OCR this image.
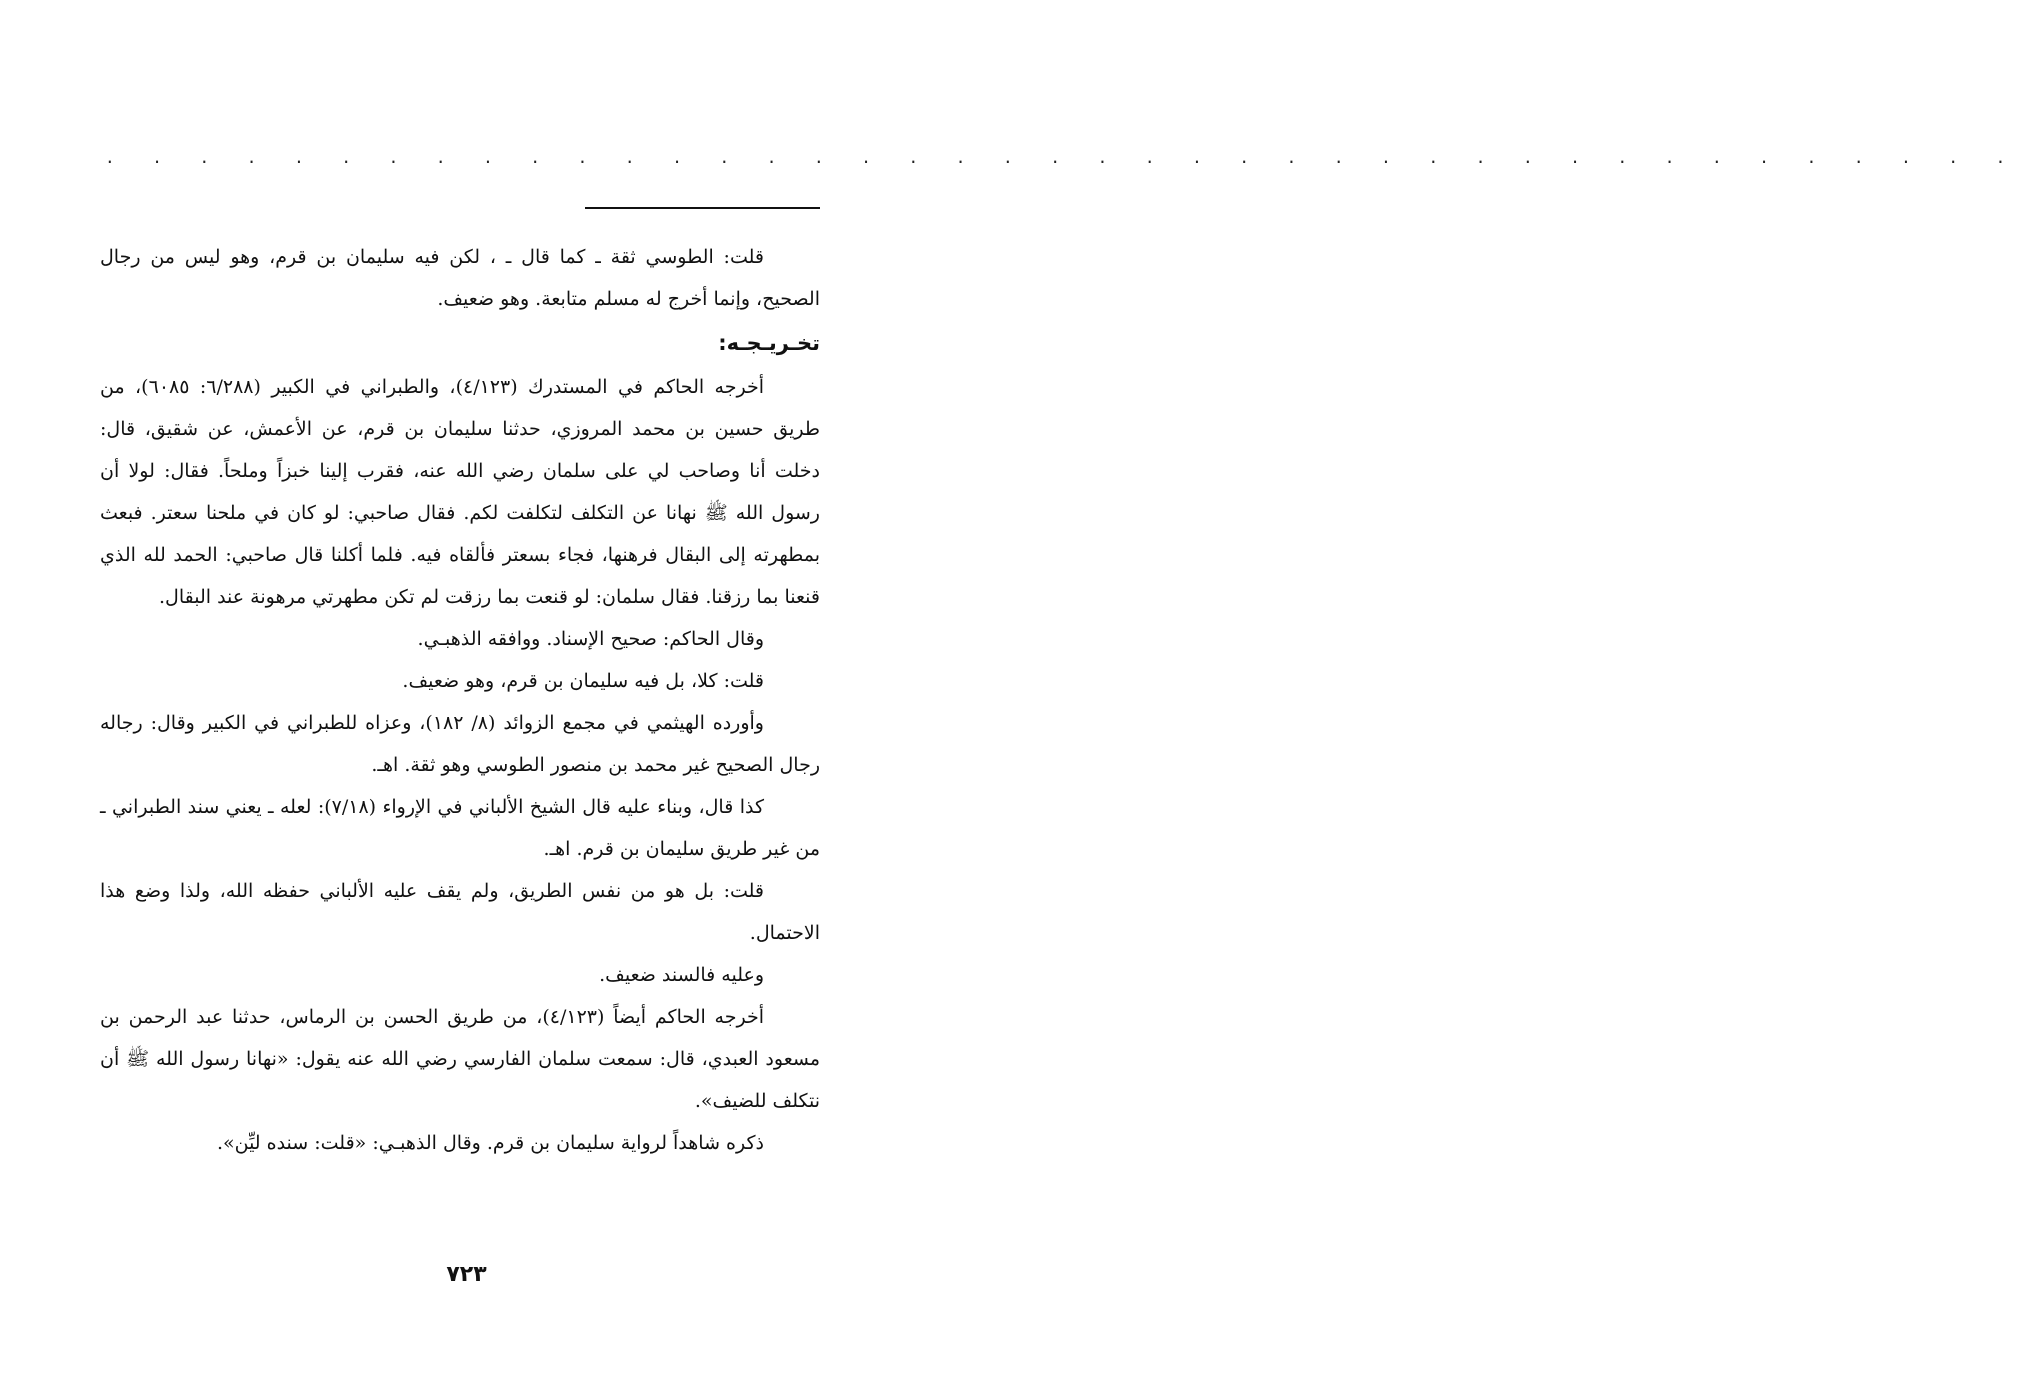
. . . . . . . . . . . . . . . . . . . . . . . . . . . . . . . . . . . . . . . . .

قلت: الطوسي ثقة ـ كما قال ـ ، لكن فيه سليمان بن قرم، وهو ليس من رجال الصحيح، وإنما أخرج له مسلم متابعة. وهو ضعيف.

تخـريـجـه:

أخرجه الحاكم في المستدرك (٤/١٢٣)، والطبراني في الكبير (٦/٢٨٨: ٦٠٨٥)، من طريق حسين بن محمد المروزي، حدثنا سليمان بن قرم، عن الأعمش، عن شقيق، قال: دخلت أنا وصاحب لي على سلمان رضي الله عنه، فقرب إلينا خبزاً وملحاً. فقال: لولا أن رسول الله ﷺ نهانا عن التكلف لتكلفت لكم. فقال صاحبي: لو كان في ملحنا سعتر. فبعث بمطهرته إلى البقال فرهنها، فجاء بسعتر فألقاه فيه. فلما أكلنا قال صاحبي: الحمد لله الذي قنعنا بما رزقنا. فقال سلمان: لو قنعت بما رزقت لم تكن مطهرتي مرهونة عند البقال.

وقال الحاكم: صحيح الإسناد. ووافقه الذهبـي.

قلت: كلا، بل فيه سليمان بن قرم، وهو ضعيف.

وأورده الهيثمي في مجمع الزوائد (٨/ ١٨٢)، وعزاه للطبراني في الكبير وقال: رجاله رجال الصحيح غير محمد بن منصور الطوسي وهو ثقة. اهـ.

كذا قال، وبناء عليه قال الشيخ الألباني في الإرواء (٧/١٨): لعله ـ يعني سند الطبراني ـ من غير طريق سليمان بن قرم. اهـ.

قلت: بل هو من نفس الطريق، ولم يقف عليه الألباني حفظه الله، ولذا وضع هذا الاحتمال.

وعليه فالسند ضعيف.

أخرجه الحاكم أيضاً (٤/١٢٣)، من طريق الحسن بن الرماس، حدثنا عبد الرحمن بن مسعود العبدي، قال: سمعت سلمان الفارسي رضي الله عنه يقول: «نهانا رسول الله ﷺ أن نتكلف للضيف».

ذكره شاهداً لرواية سليمان بن قرم. وقال الذهبـي: «قلت: سنده ليِّن».

٧٢٣
